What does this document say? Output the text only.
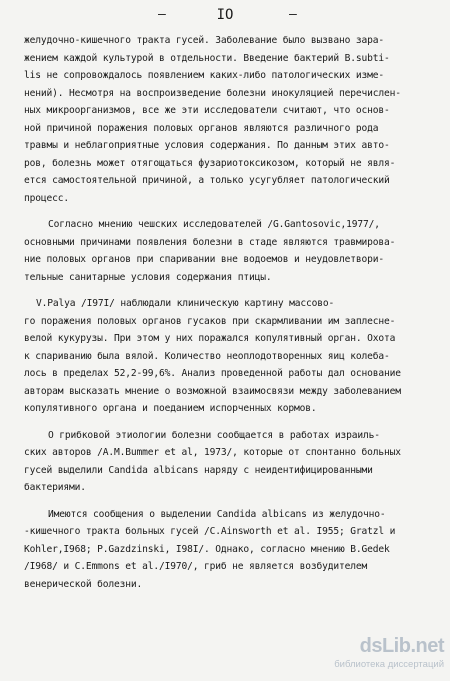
–	IO	–
желудочно-кишечного тракта гусей. Заболевание было вызвано зара-
жением каждой культурой в отдельности. Введение бактерий B.subti-
lis не сопровождалось появлением каких-либо патологических изме-
нений). Несмотря на воспроизведение болезни инокуляцией перечислен-
ных микроорганизмов, все же эти исследователи считают, что основ-
ной причиной поражения половых органов являются различного рода
травмы и неблагоприятные условия содержания. По данным этих авто-
ров, болезнь может отягощаться фузариотоксикозом, который не явля-
ется самостоятельной причиной, а только усугубляет патологический
процесс.
Согласно мнению чешских исследователей /G.Gantosovic,1977/,
основными причинами появления болезни в стаде являются травмирова-
ние половых органов при спаривании вне водоемов и неудовлетвори-
тельные санитарные условия содержания птицы.
V.Palya /I97I/ наблюдали клиническую картину массово-
го поражения половых органов гусаков при скармливании им заплесне-
велой кукурузы. При этом у них поражался копулятивный орган. Охота
к спариванию была вялой. Количество неоплодотворенных яиц колеба-
лось в пределах 52,2-99,6%. Анализ проведенной работы дал основание
авторам высказать мнение о возможной взаимосвязи между заболеванием
копулятивного органа и поеданием испорченных кормов.
О грибковой этиологии болезни сообщается в работах израиль-
ских авторов /A.M.Bummer et al, 1973/, которые от спонтанно больных
гусей выделили Candida albicans наряду с неидентифицированными
бактериями.
Имеются сообщения о выделении Candida albicans из желудочно-
-кишечного тракта больных гусей /C.Ainsworth et al. I955; Gratzl и
Kohler,I968; P.Gazdzinski, I98I/. Однако, согласно мнению B.Gedek
/I968/ и C.Emmons et al./I970/, гриб не является возбудителем
венерической болезни.
dsLib.net
библиотека диссертаций
